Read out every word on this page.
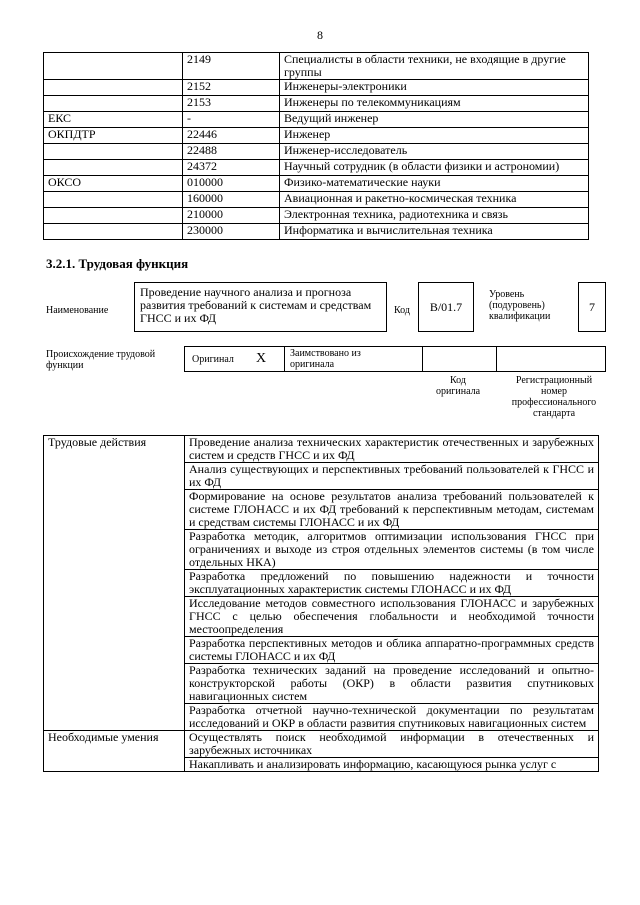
8
	2149	Специалисты в области техники, не входящие в другие группы
	2152	Инженеры-электроники
	2153	Инженеры по телекоммуникациям
ЕКС	-	Ведущий инженер
ОКПДТР	22446	Инженер
	22488	Инженер-исследователь
	24372	Научный сотрудник (в области физики и астрономии)
ОКСО	010000	Физико-математические науки
	160000	Авиационная и ракетно-космическая техника
	210000	Электронная техника, радиотехника и связь
	230000	Информатика и вычислительная техника
3.2.1. Трудовая функция
Наименование
Проведение научного анализа и прогноза развития требований к системам и средствам ГНСС и их ФД
Код	B/01.7
Уровень (подуровень) квалификации
7
Происхождение трудовой функции
Оригинал X Заимствовано из оригинала
Код оригинала
Регистрационный номер профессионального стандарта
Трудовые действия	Проведение анализа технических характеристик отечественных и зарубежных систем и средств ГНСС и их ФД
	Анализ существующих и перспективных требований пользователей к ГНСС и их ФД
	Формирование на основе результатов анализа требований пользователей к системе ГЛОНАСС и их ФД требований к перспективным методам, системам и средствам системы ГЛОНАСС и их ФД
	Разработка методик, алгоритмов оптимизации использования ГНСС при ограничениях и выходе из строя отдельных элементов системы (в том числе отдельных НКА)
	Разработка предложений по повышению надежности и точности эксплуатационных характеристик системы ГЛОНАСС и их ФД
	Исследование методов совместного использования ГЛОНАСС и зарубежных ГНСС с целью обеспечения глобальности и необходимой точности местоопределения
	Разработка перспективных методов и облика аппаратно-программных средств системы ГЛОНАСС и их ФД
	Разработка технических заданий на проведение исследований и опытно-конструкторской работы (ОКР) в области развития спутниковых навигационных систем
	Разработка отчетной научно-технической документации по результатам исследований и ОКР в области развития спутниковых навигационных систем
Необходимые умения	Осуществлять поиск необходимой информации в отечественных и зарубежных источниках
	Накапливать и анализировать информацию, касающуюся рынка услуг с
